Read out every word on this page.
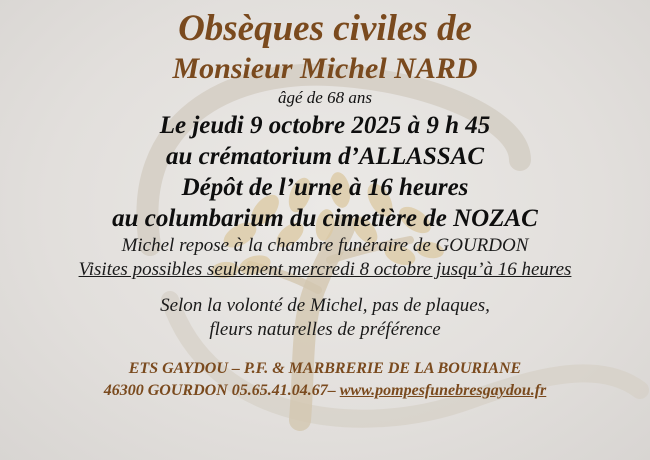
Obsèques civiles de

Monsieur Michel NARD

âgé de 68 ans

Le jeudi 9 octobre 2025 à 9 h 45

au crématorium d’ALLASSAC

Dépôt de l’urne à 16 heures

au columbarium du cimetière de NOZAC

Michel repose à la chambre funéraire de GOURDON

Visites possibles seulement mercredi 8 octobre jusqu’à 16 heures

Selon la volonté de Michel, pas de plaques,

fleurs naturelles de préférence

ETS GAYDOU – P.F. & MARBRERIE DE LA BOURIANE

46300 GOURDON 05.65.41.04.67– www.pompesfunebresgaydou.fr
